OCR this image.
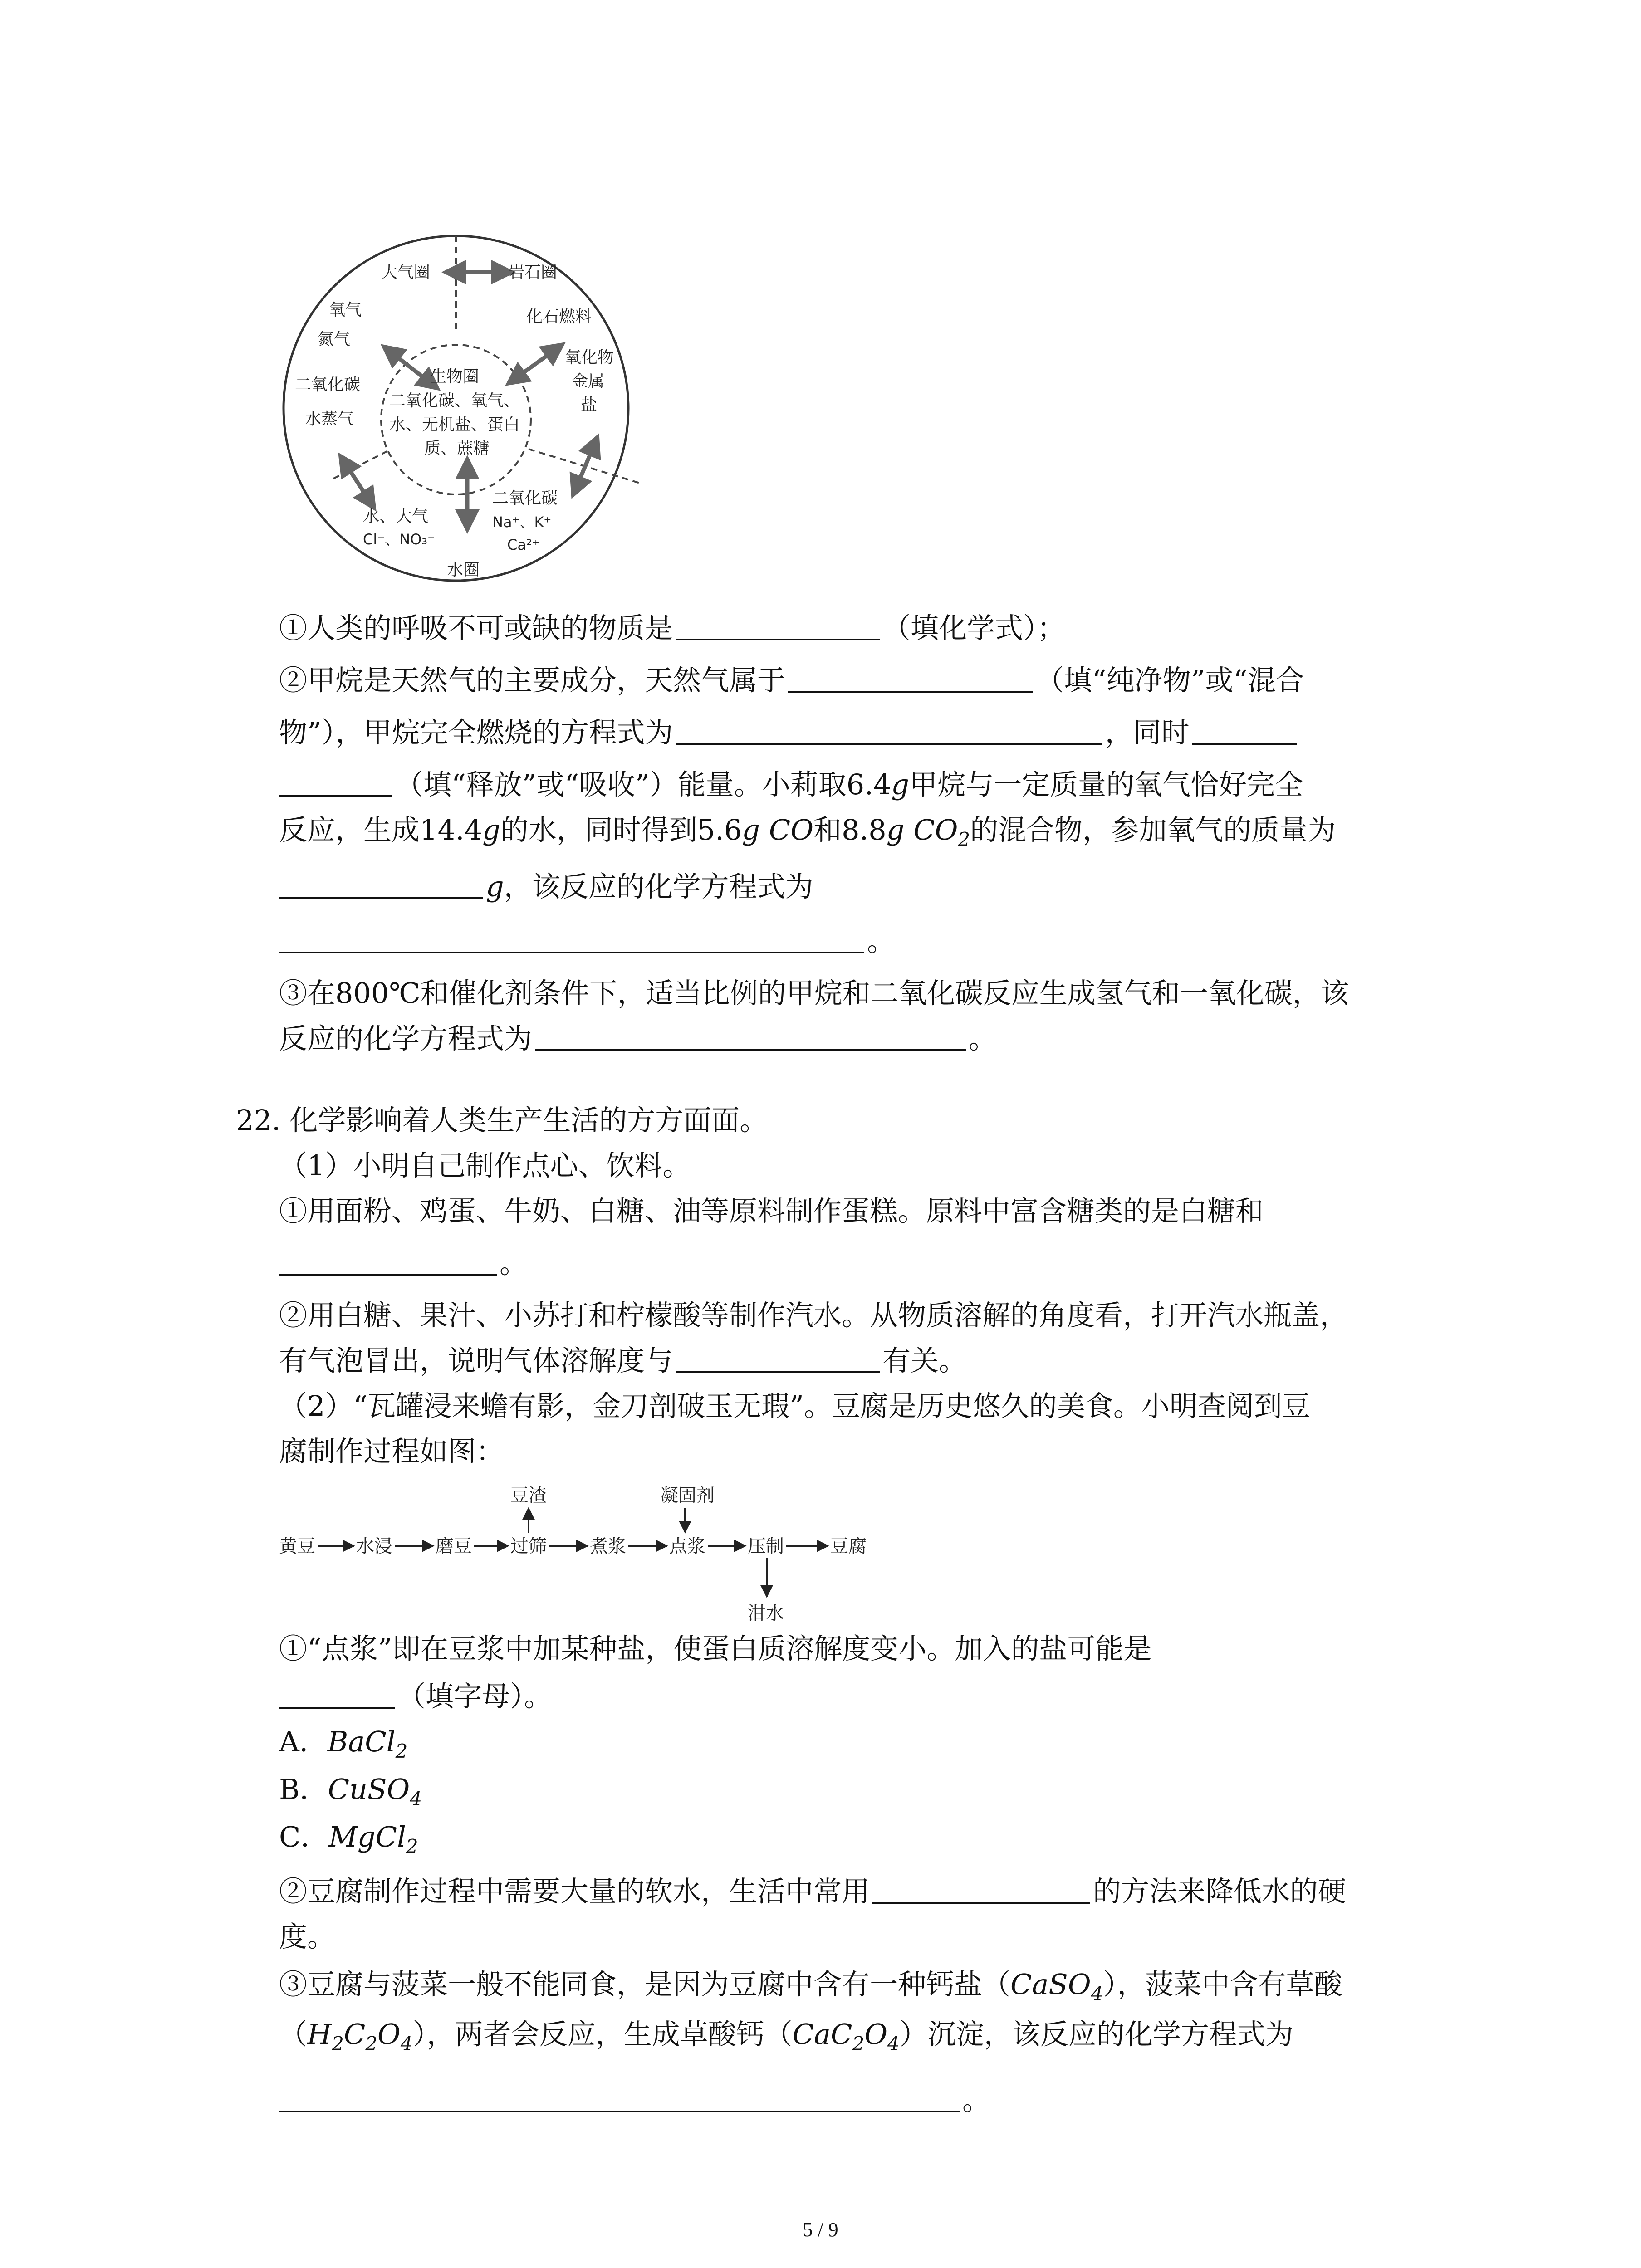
大气圈	岩石圈
氧气
氮气
二氧化碳
水蒸气
化石燃料
氧化物
金属
盐
生物圈
二氧化碳、氧气、
水、无机盐、蛋白
质、蔗糖
水、大气
Cl⁻、NO₃⁻
二氧化碳
Na⁺、K⁺
Ca²⁺
水圈
①人类的呼吸不可或缺的物质是	（填化学式）；
②甲烷是天然气的主要成分，天然气属于	（填“纯净物”或“混合
物”），甲烷完全燃烧的方程式为	，同时
（填“释放”或“吸收”）能量。小莉取6.4g甲烷与一定质量的氧气恰好完全
反应，生成14.4g的水，同时得到5.6g CO和8.8g $CO_2$的混合物，参加氧气的质量为
g，该反应的化学方程式为
。
③在800℃和催化剂条件下，适当比例的甲烷和二氧化碳反应生成氢气和一氧化碳，该
反应的化学方程式为	。
22. 化学影响着人类生产生活的方方面面。
（1）小明自己制作点心、饮料。
①用面粉、鸡蛋、牛奶、白糖、油等原料制作蛋糕。原料中富含糖类的是白糖和
。
②用白糖、果汁、小苏打和柠檬酸等制作汽水。从物质溶解的角度看，打开汽水瓶盖，
有气泡冒出，说明气体溶解度与	有关。
（2）“瓦罐浸来蟾有影，金刀剖破玉无瑕”。豆腐是历史悠久的美食。小明查阅到豆
腐制作过程如图：
黄豆 水浸 磨豆 过筛 煮浆 点浆 压制	豆腐
豆渣	凝固剂
泔水
①“点浆”即在豆浆中加某种盐，使蛋白质溶解度变小。加入的盐可能是
（填字母）。
A．BaCl$_2$
B．CuSO$_4$
C．MgCl$_2$
②豆腐制作过程中需要大量的软水，生活中常用	的方法来降低水的硬
度。
③豆腐与菠菜一般不能同食，是因为豆腐中含有一种钙盐（CaSO$_4$），菠菜中含有草酸
$(H_2C_2O_4)$，两者会反应，生成草酸钙$(CaC_2O_4)$沉淀，该反应的化学方程式为
。
5 / 9
